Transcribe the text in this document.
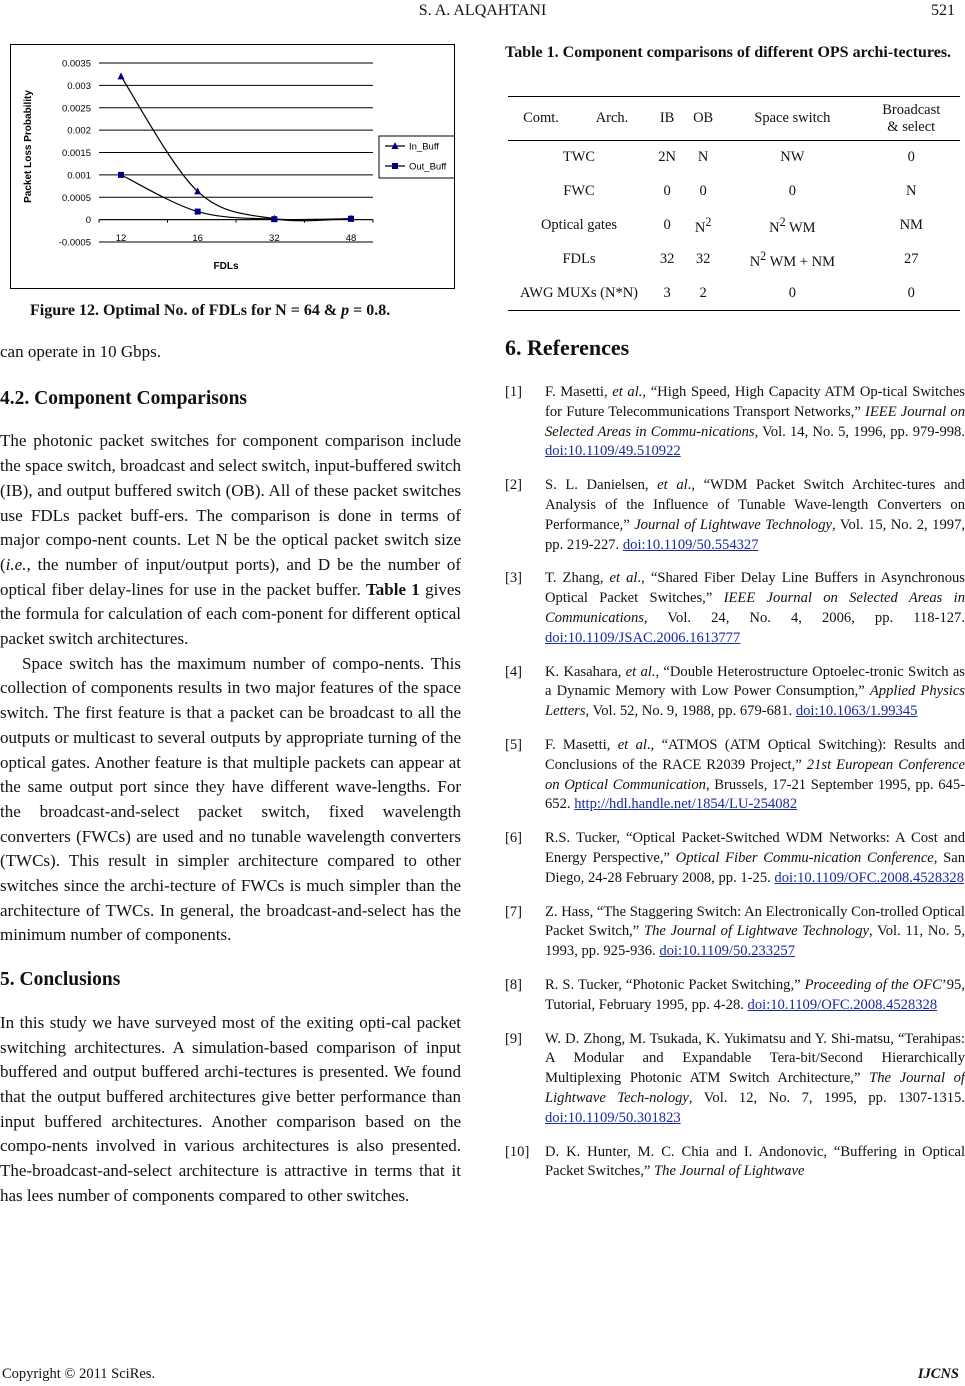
S. A. ALQAHTANI	521
0.0035
0.003
0.0025
0.002
0.0015
0.001
0.0005
0
-0.0005	12	16	32	48
FDLs
Packet Loss Probability	In_Buff
Out_Buff
Figure 12. Optimal No. of FDLs for N = 64 & p = 0.8.

can operate in 10 Gbps.

4.2. Component Comparisons

The photonic packet switches for component comparison include the space switch, broadcast and select switch, input-buffered switch (IB), and output buffered switch (OB). All of these packet switches use FDLs packet buff-ers. The comparison is done in terms of major compo-nent counts. Let N be the optical packet switch size (i.e., the number of input/output ports), and D be the number of optical fiber delay-lines for use in the packet buffer. Table 1 gives the formula for calculation of each com-ponent for different optical packet switch architectures.

Space switch has the maximum number of compo-nents. This collection of components results in two major features of the space switch. The first feature is that a packet can be broadcast to all the outputs or multicast to several outputs by appropriate turning of the optical gates. Another feature is that multiple packets can appear at the same output port since they have different wave-lengths. For the broadcast-and-select packet switch, fixed wavelength converters (FWCs) are used and no tunable wavelength converters (TWCs). This result in simpler architecture compared to other switches since the archi-tecture of FWCs is much simpler than the architecture of TWCs. In general, the broadcast-and-select has the minimum number of components.

5. Conclusions

In this study we have surveyed most of the exiting opti-cal packet switching architectures. A simulation-based comparison of input buffered and output buffered archi-tectures is presented. We found that the output buffered architectures give better performance than input buffered architectures. Another comparison based on the compo-nents involved in various architectures is also presented. The-broadcast-and-select architecture is attractive in terms that it has lees number of components compared to other switches.

Table 1. Component comparisons of different OPS archi-tectures.
Comt.	Arch.	IB	OB	Space switch	Broadcast
& select
TWC		2N	N	NW	0
FWC		0	0	0	N
Optical gates		0	$N^2$	$N^2$ WM	NM
FDLs		32	32	$N^2$ WM + NM	27
AWG MUXs (N*N)		3	2	0	0
6. References
[1] F. Masetti, et al., “High Speed, High Capacity ATM Op-tical Switches for Future Telecommunications Transport Networks,” IEEE Journal on Selected Areas in Commu-nications, Vol. 14, No. 5, 1996, pp. 979-998. doi:10.1109/49.510922
[2] S. L. Danielsen, et al., “WDM Packet Switch Architec-tures and Analysis of the Influence of Tunable Wave-length Converters on Performance,” Journal of Lightwave Technology, Vol. 15, No. 2, 1997, pp. 219-227. doi:10.1109/50.554327
[3] T. Zhang, et al., “Shared Fiber Delay Line Buffers in Asynchronous Optical Packet Switches,” IEEE Journal on Selected Areas in Communications, Vol. 24, No. 4, 2006, pp. 118-127. doi:10.1109/JSAC.2006.1613777
[4] K. Kasahara, et al., “Double Heterostructure Optoelec-tronic Switch as a Dynamic Memory with Low Power Consumption,” Applied Physics Letters, Vol. 52, No. 9, 1988, pp. 679-681. doi:10.1063/1.99345
[5] F. Masetti, et al., “ATMOS (ATM Optical Switching): Results and Conclusions of the RACE R2039 Project,” 21st European Conference on Optical Communication, Brussels, 17-21 September 1995, pp. 645-652. http://hdl.handle.net/1854/LU-254082
[6] R.S. Tucker, “Optical Packet-Switched WDM Networks: A Cost and Energy Perspective,” Optical Fiber Commu-nication Conference, San Diego, 24-28 February 2008, pp. 1-25. doi:10.1109/OFC.2008.4528328
[7] Z. Hass, “The Staggering Switch: An Electronically Con-trolled Optical Packet Switch,” The Journal of Lightwave Technology, Vol. 11, No. 5, 1993, pp. 925-936. doi:10.1109/50.233257
[8] R. S. Tucker, “Photonic Packet Switching,” Proceeding of the OFC’95, Tutorial, February 1995, pp. 4-28. doi:10.1109/OFC.2008.4528328
[9] W. D. Zhong, M. Tsukada, K. Yukimatsu and Y. Shi-matsu, “Terahipas: A Modular and Expandable Tera-bit/Second Hierarchically Multiplexing Photonic ATM Switch Architecture,” The Journal of Lightwave Tech-nology, Vol. 12, No. 7, 1995, pp. 1307-1315. doi:10.1109/50.301823
[10] D. K. Hunter, M. C. Chia and I. Andonovic, “Buffering in Optical Packet Switches,” The Journal of Lightwave
Copyright © 2011 SciRes.	IJCNS
